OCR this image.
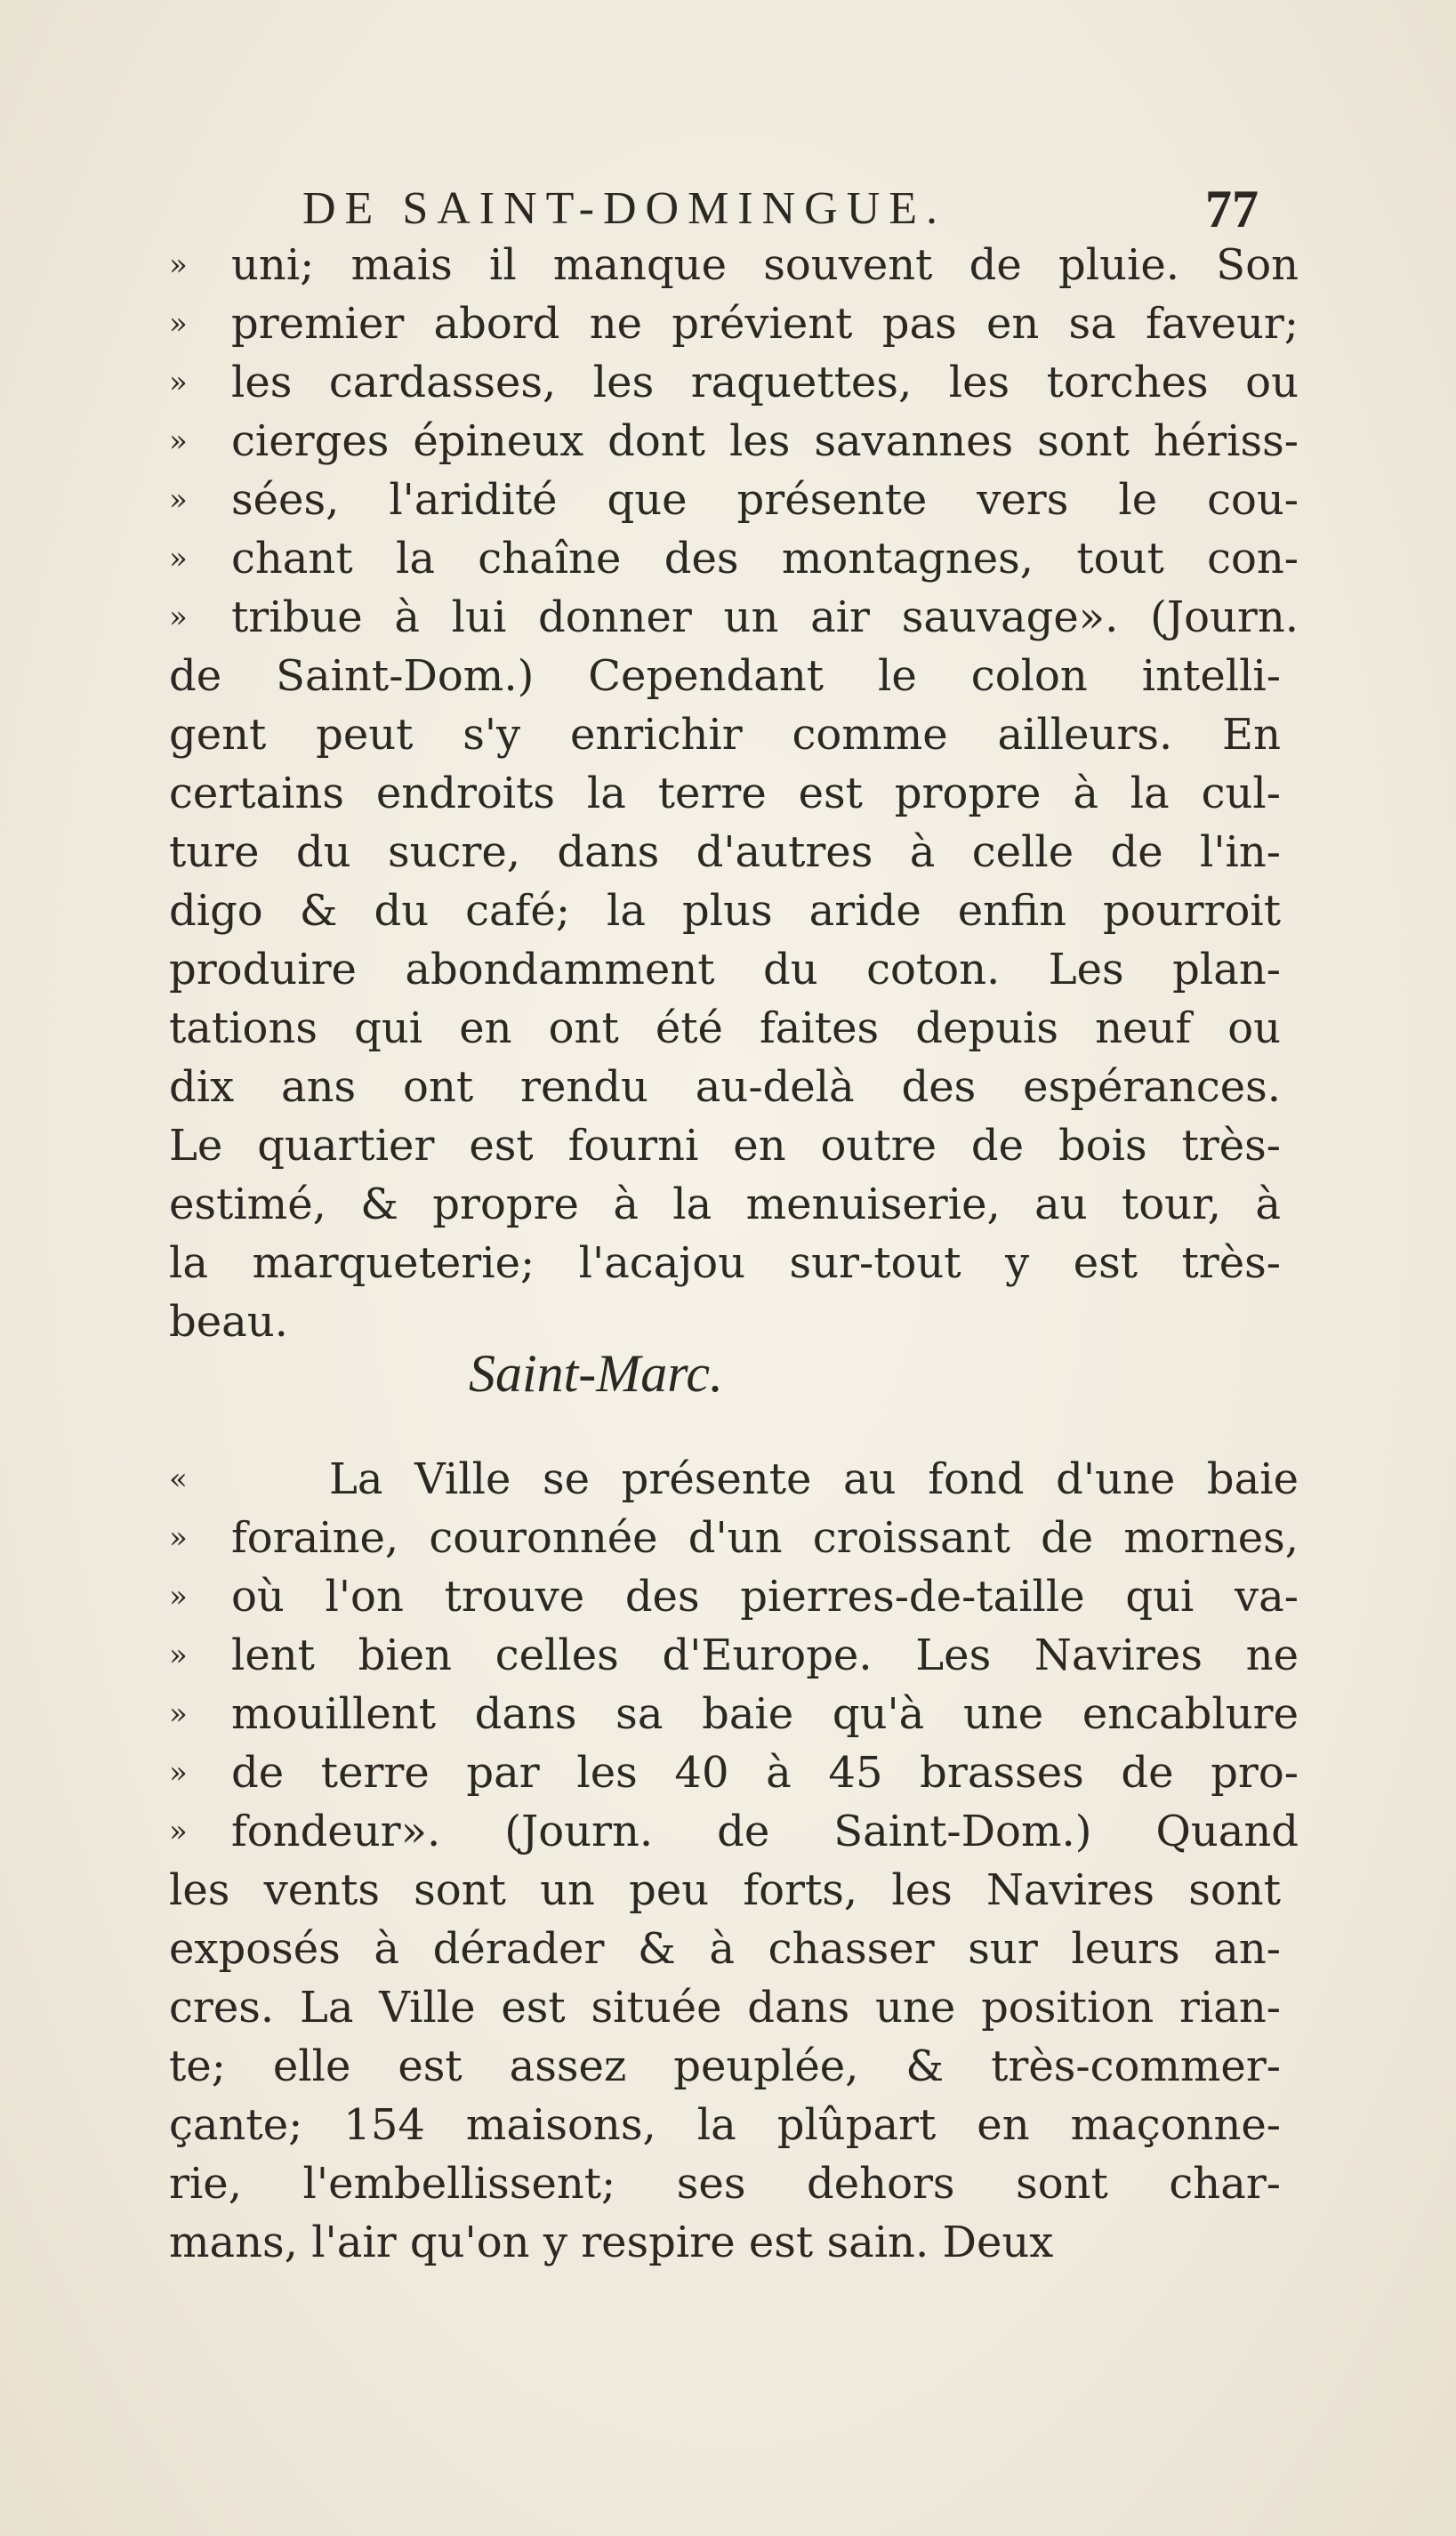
DE SAINT-DOMINGUE.	77
»	uni; mais il manque souvent de pluie. Son
»	premier abord ne prévient pas en sa faveur;
»	les cardasses, les raquettes, les torches ou
»	cierges épineux dont les savannes sont hériss-
»	sées, l'aridité que présente vers le cou-
»	chant la chaîne des montagnes, tout con-
»	tribue à lui donner un air sauvage». (Journ.
de Saint-Dom.) Cependant le colon intelli-
gent peut s'y enrichir comme ailleurs. En
certains endroits la terre est propre à la cul-
ture du sucre, dans d'autres à celle de l'in-
digo & du café; la plus aride enfin pourroit
produire abondamment du coton. Les plan-
tations qui en ont été faites depuis neuf ou
dix ans ont rendu au-delà des espérances.
Le quartier est fourni en outre de bois très-
estimé, & propre à la menuiserie, au tour, à
la marqueterie; l'acajou sur-tout y est très-
beau.
Saint-Marc.
«	La Ville se présente au fond d'une baie
»	foraine, couronnée d'un croissant de mornes,
»	où l'on trouve des pierres-de-taille qui va-
»	lent bien celles d'Europe. Les Navires ne
»	mouillent dans sa baie qu'à une encablure
»	de terre par les 40 à 45 brasses de pro-
»	fondeur». (Journ. de Saint-Dom.) Quand
les vents sont un peu forts, les Navires sont
exposés à dérader & à chasser sur leurs an-
cres. La Ville est située dans une position rian-
te; elle est assez peuplée, & très-commer-
çante; 154 maisons, la plûpart en maçonne-
rie, l'embellissent; ses dehors sont char-
mans, l'air qu'on y respire est sain. Deux
